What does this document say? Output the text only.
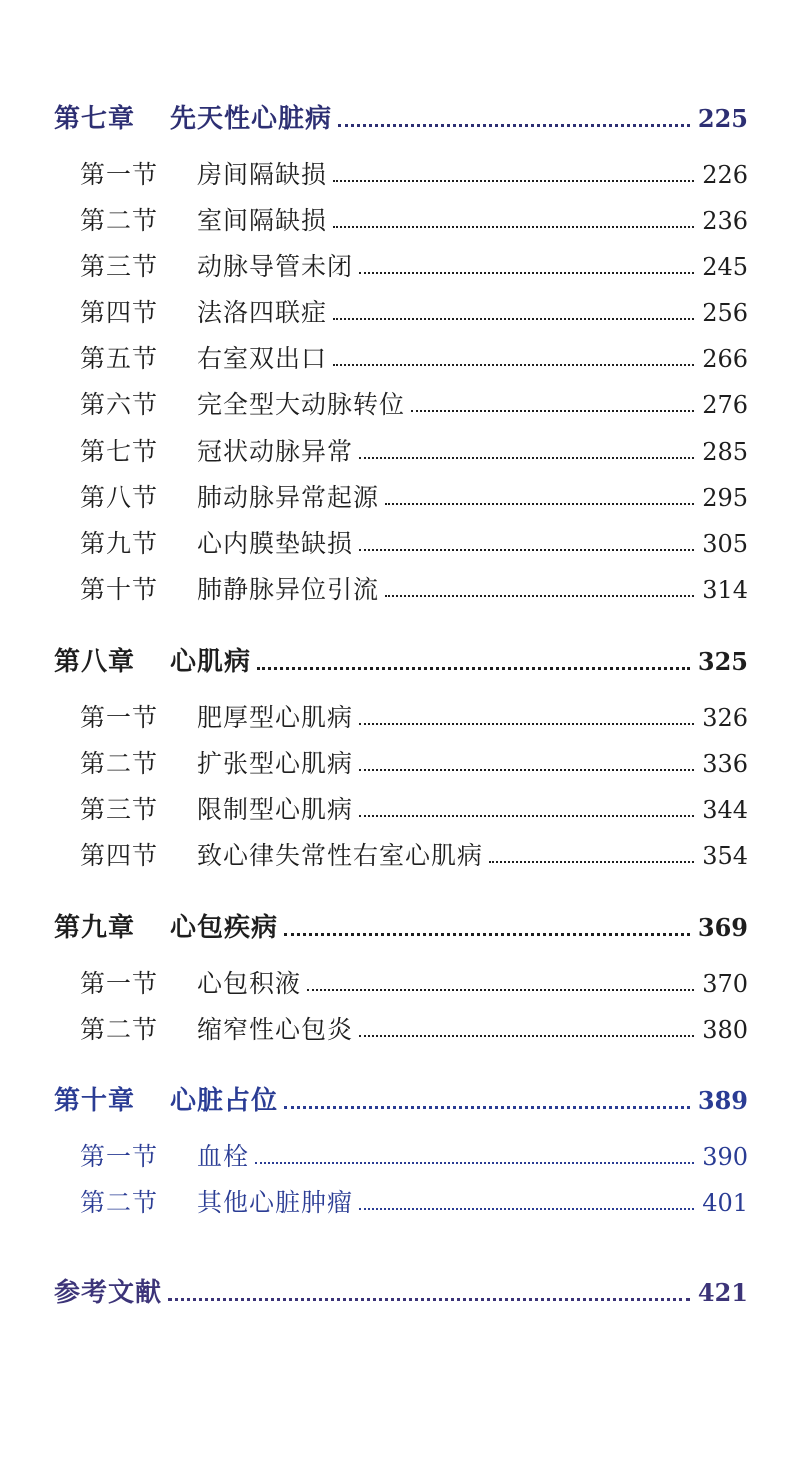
第七章 先天性心脏病	225
第一节 房间隔缺损	226
第二节 室间隔缺损	236
第三节 动脉导管未闭	245
第四节 法洛四联症	256
第五节 右室双出口	266
第六节 完全型大动脉转位	276
第七节 冠状动脉异常	285
第八节 肺动脉异常起源	295
第九节 心内膜垫缺损	305
第十节 肺静脉异位引流	314
第八章 心肌病	325
第一节 肥厚型心肌病	326
第二节 扩张型心肌病	336
第三节 限制型心肌病	344
第四节 致心律失常性右室心肌病	354
第九章 心包疾病	369
第一节 心包积液	370
第二节 缩窄性心包炎	380
第十章 心脏占位	389
第一节 血栓	390
第二节 其他心脏肿瘤	401
参考文献	421
